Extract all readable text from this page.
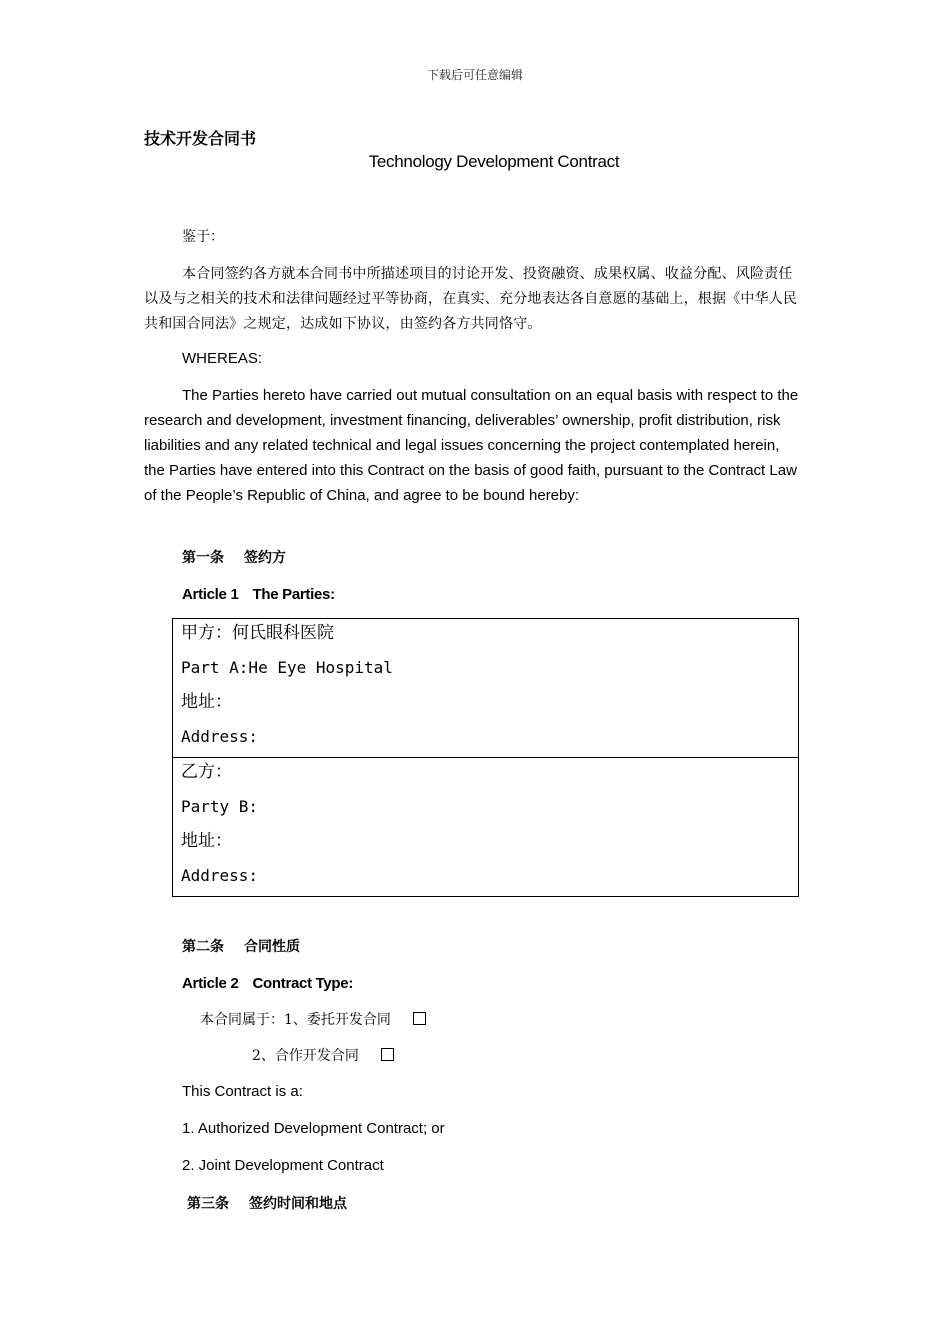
下载后可任意编辑
技术开发合同书
Technology Development Contract
鉴于：
本合同签约各方就本合同书中所描述项目的讨论开发、投资融资、成果权属、收益分配、风险责任以及与之相关的技术和法律问题经过平等协商，在真实、充分地表达各自意愿的基础上，根据《中华人民共和国合同法》之规定，达成如下协议，由签约各方共同恪守。
WHEREAS:
The Parties hereto have carried out mutual consultation on an equal basis with respect to the research and development, investment financing, deliverables’ ownership, profit distribution, risk liabilities and any related technical and legal issues concerning the project contemplated herein, the Parties have entered into this Contract on the basis of good faith, pursuant to the Contract Law of the People’s Republic of China, and agree to be bound hereby:
第一条 签约方
Article 1 The Parties:
甲方：何氏眼科医院
Part A:He Eye Hospital
地址：
Address:
乙方：
Party B:
地址：
Address:
第二条 合同性质
Article 2 Contract Type:
本合同属于：1、委托开发合同
2、合作开发合同
This Contract is a:
1. Authorized Development Contract; or
2. Joint Development Contract
第三条 签约时间和地点
